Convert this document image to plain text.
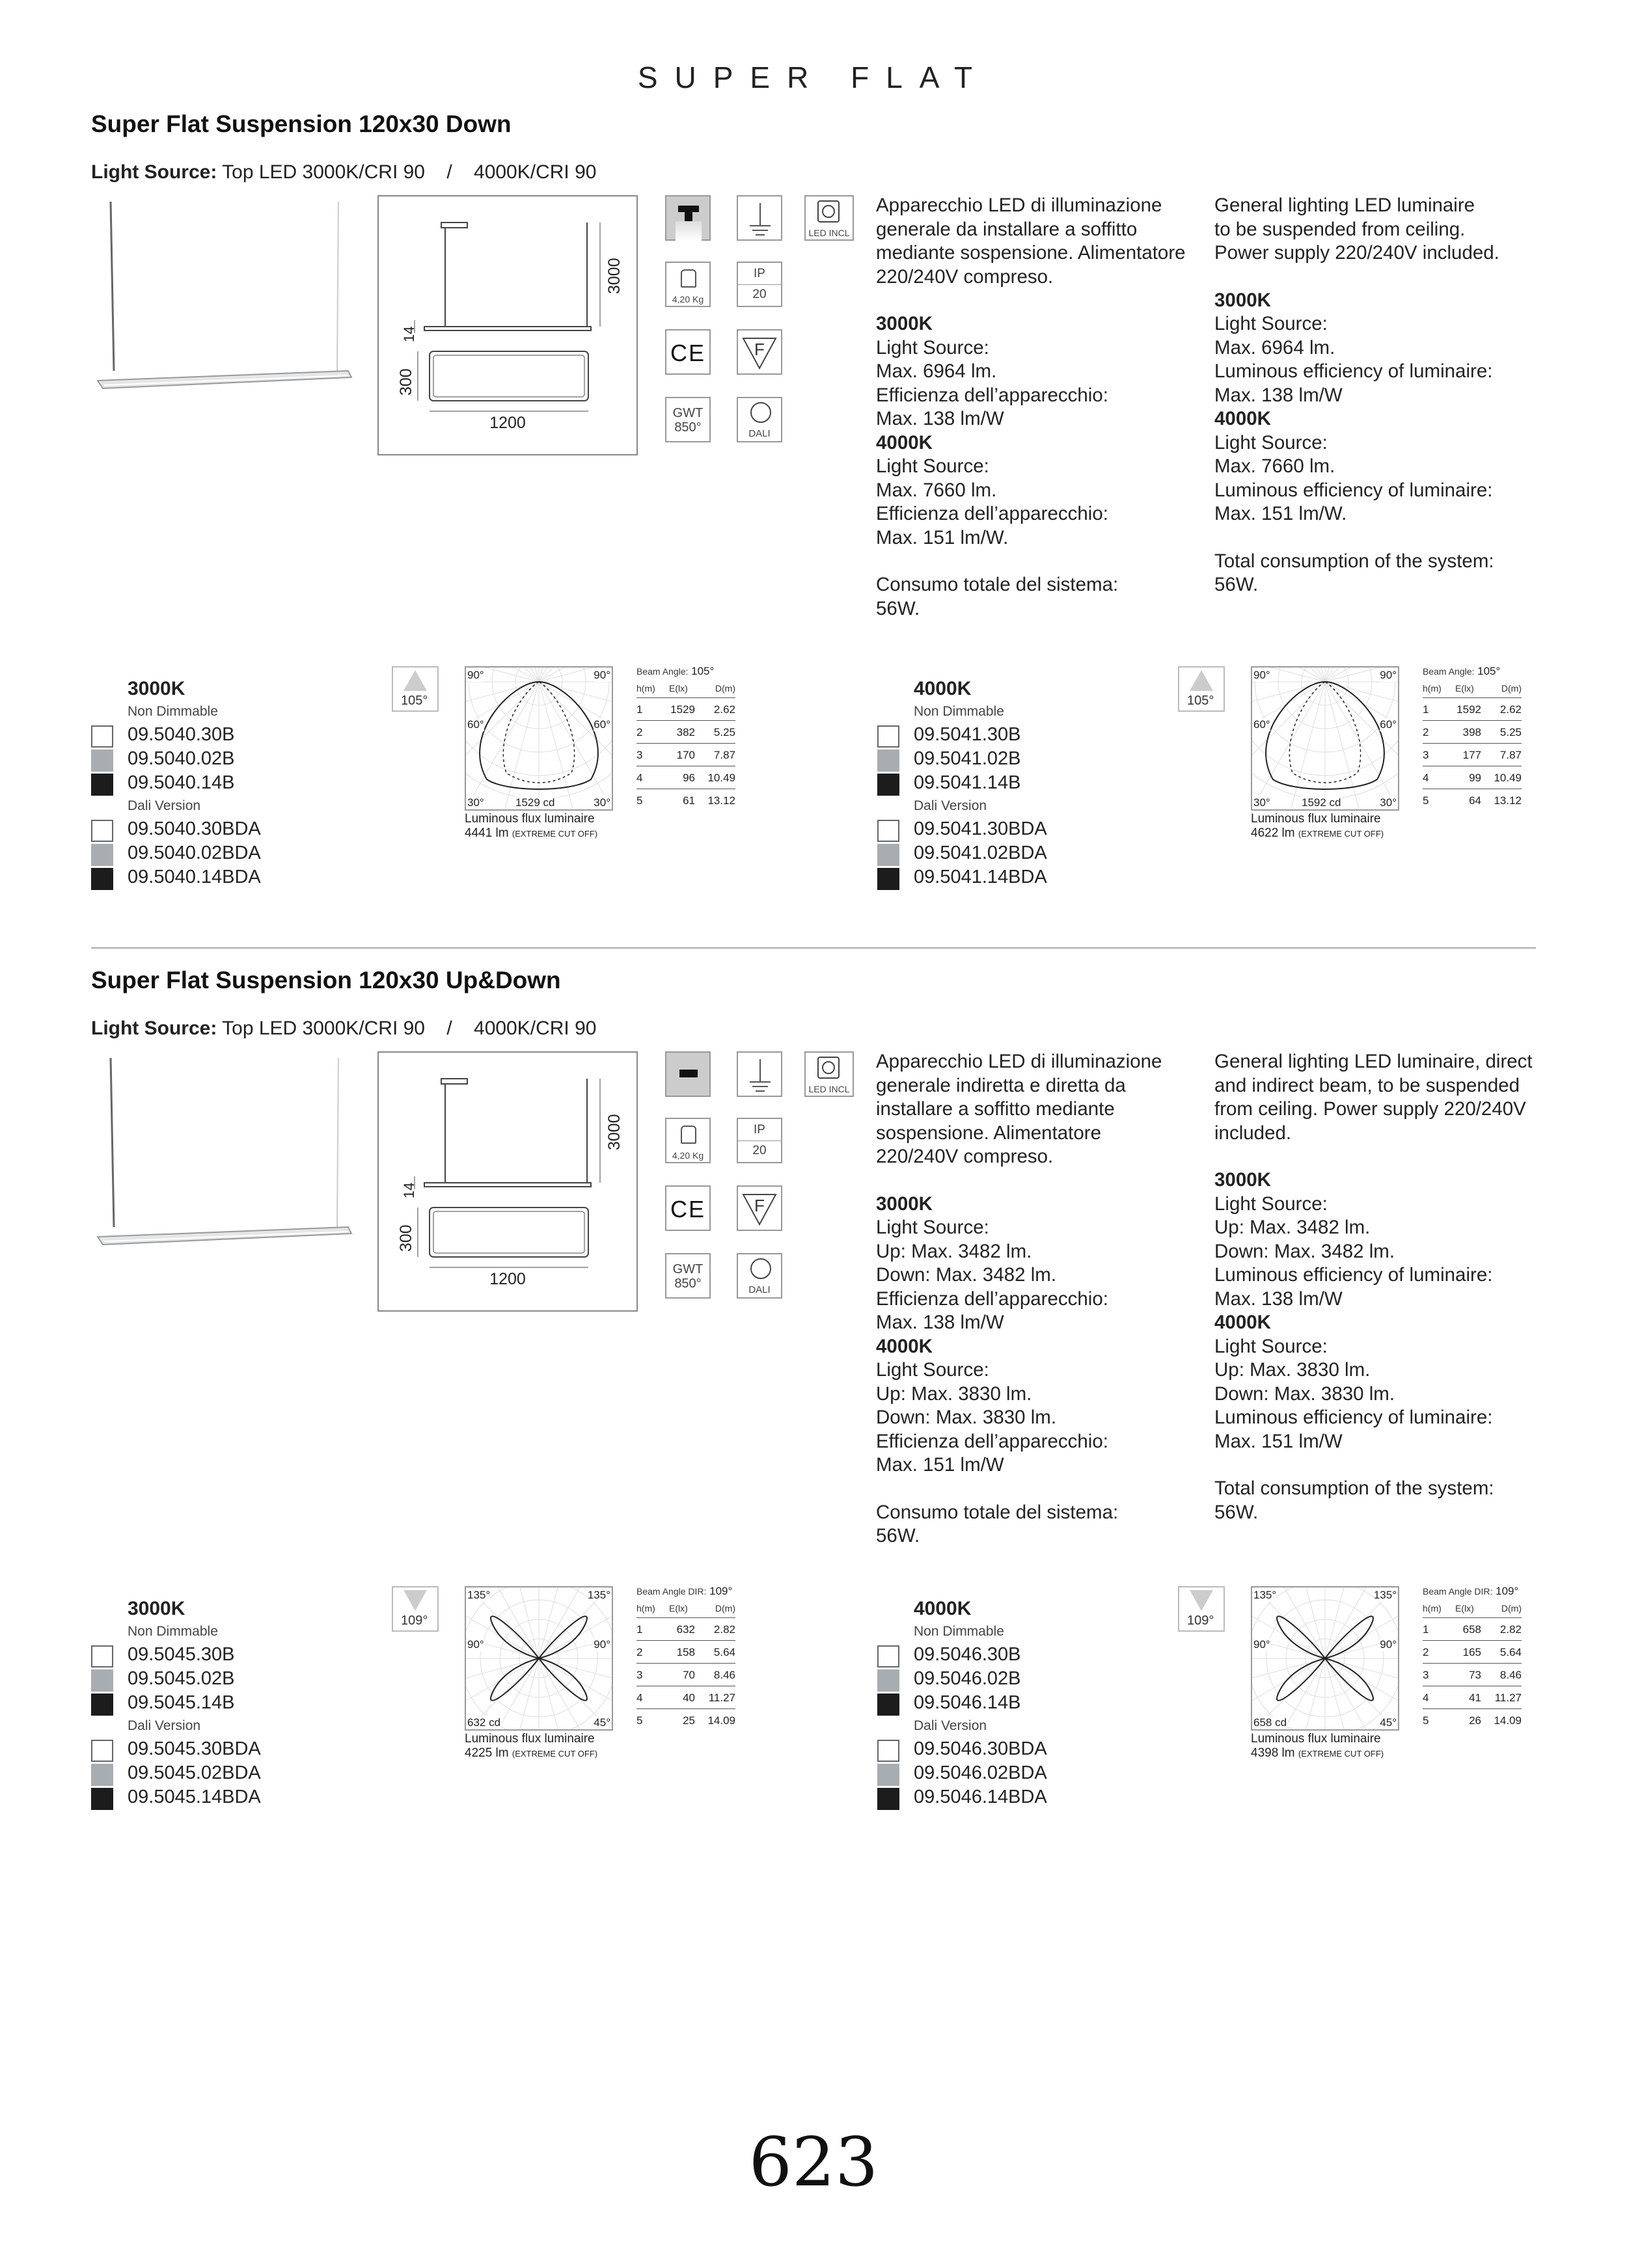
SUPER FLAT
Super Flat Suspension 120x30 Down
Light Source: Top LED 3000K/CRI 90    /    4000K/CRI 90
3000
14
300
1200
LED INCL
4,20 Kg
IP
20
CE	F
GWT
850°	DALI
Apparecchio LED di illuminazione
generale da installare a soffitto
mediante sospensione. Alimentatore
220/240V compreso.
3000K
Light Source:
Max. 6964 lm.
Efficienza dell’apparecchio:
Max. 138 lm/W
4000K
Light Source:
Max. 7660 lm.
Efficienza dell’apparecchio:
Max. 151 lm/W.
Consumo totale del sistema:
56W.
General lighting LED luminaire
to be suspended from ceiling.
Power supply 220/240V included.
3000K
Light Source:
Max. 6964 lm.
Luminous efficiency of luminaire:
Max. 138 lm/W
4000K
Light Source:
Max. 7660 lm.
Luminous efficiency of luminaire:
Max. 151 lm/W.
Total consumption of the system:
56W.
3000K
Non Dimmable
09.5040.30B
09.5040.02B
09.5040.14B
Dali Version
09.5040.30BDA
09.5040.02BDA
09.5040.14BDA
105°
90°	90°
60°	60°
30°	1529 cd	30°
Luminous flux luminaire
4441 lm (EXTREME CUT OFF)
Beam Angle: 105°
h(m) E(lx)	D(m)
1	1529 2.62
2	382 5.25
3	170 7.87
4	96 10.49
5	61 13.12
4000K
Non Dimmable
09.5041.30B
09.5041.02B
09.5041.14B
Dali Version
09.5041.30BDA
09.5041.02BDA
09.5041.14BDA
105°
90°	90°
60°	60°
30°	1592 cd	30°
Luminous flux luminaire
4622 lm (EXTREME CUT OFF)
Beam Angle: 105°
h(m) E(lx)	D(m)
1	1592 2.62
2	398 5.25
3	177 7.87
4	99 10.49
5	64 13.12
Super Flat Suspension 120x30 Up&Down
Light Source: Top LED 3000K/CRI 90    /    4000K/CRI 90
3000
14
300
1200
LED INCL
4,20 Kg
IP
20
CE	F
GWT
850°	DALI
Apparecchio LED di illuminazione
generale indiretta e diretta da
installare a soffitto mediante
sospensione. Alimentatore
220/240V compreso.
3000K
Light Source:
Up: Max. 3482 lm.
Down: Max. 3482 lm.
Efficienza dell’apparecchio:
Max. 138 lm/W
4000K
Light Source:
Up: Max. 3830 lm.
Down: Max. 3830 lm.
Efficienza dell’apparecchio:
Max. 151 lm/W
Consumo totale del sistema:
56W.
General lighting LED luminaire, direct
and indirect beam, to be suspended
from ceiling. Power supply 220/240V
included.
3000K
Light Source:
Up: Max. 3482 lm.
Down: Max. 3482 lm.
Luminous efficiency of luminaire:
Max. 138 lm/W
4000K
Light Source:
Up: Max. 3830 lm.
Down: Max. 3830 lm.
Luminous efficiency of luminaire:
Max. 151 lm/W
Total consumption of the system:
56W.
3000K
Non Dimmable
09.5045.30B
09.5045.02B
09.5045.14B
Dali Version
09.5045.30BDA
09.5045.02BDA
09.5045.14BDA
109°
135°	135°
90°	90°
632 cd	45°
Luminous flux luminaire
4225 lm (EXTREME CUT OFF)
Beam Angle DIR: 109°
h(m) E(lx)	D(m)
1	632 2.82
2	158 5.64
3	70 8.46
4	40 11.27
5	25 14.09
4000K
Non Dimmable
09.5046.30B
09.5046.02B
09.5046.14B
Dali Version
09.5046.30BDA
09.5046.02BDA
09.5046.14BDA
109°
135°	135°
90°	90°
658 cd	45°
Luminous flux luminaire
4398 lm (EXTREME CUT OFF)
Beam Angle DIR: 109°
h(m) E(lx)	D(m)
1	658 2.82
2	165 5.64
3	73 8.46
4	41 11.27
5	26 14.09
623
